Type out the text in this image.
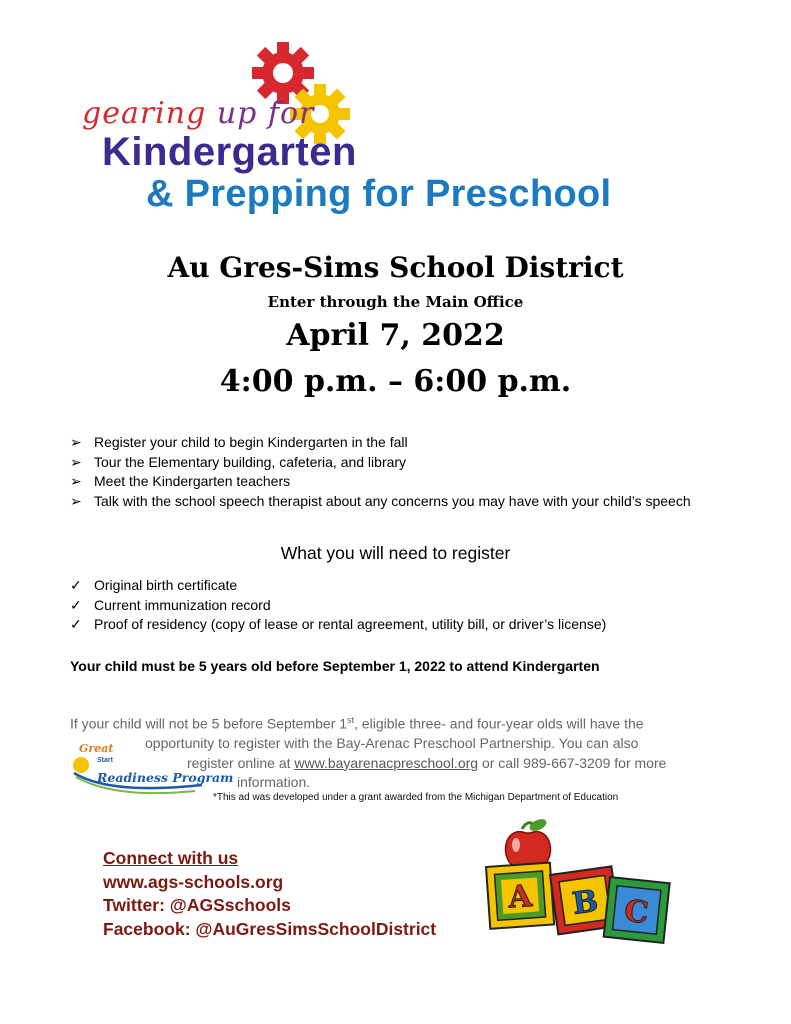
gearing up for
Kindergarten
& Prepping for Preschool
Au Gres-Sims School District
Enter through the Main Office
April 7, 2022
4:00 p.m. – 6:00 p.m.
➢ Register your child to begin Kindergarten in the fall
➢ Tour the Elementary building, cafeteria, and library
➢ Meet the Kindergarten teachers
➢ Talk with the school speech therapist about any concerns you may have with your child’s speech
What you will need to register
✓ Original birth certificate
✓ Current immunization record
✓ Proof of residency (copy of lease or rental agreement, utility bill, or driver’s license)
Your child must be 5 years old before September 1, 2022 to attend Kindergarten
If your child will not be 5 before September 1st, eligible three- and four-year olds will have the
opportunity to register with the Bay-Arenac Preschool Partnership. You can also
register online at www.bayarenacpreschool.org or call 989-667-3209 for more
information.
Great
Start
Readiness Program
*This ad was developed under a grant awarded from the Michigan Department of Education
Connect with us
www.ags-schools.org
Twitter: @AGSschools
Facebook: @AuGresSimsSchoolDistrict
A B C
